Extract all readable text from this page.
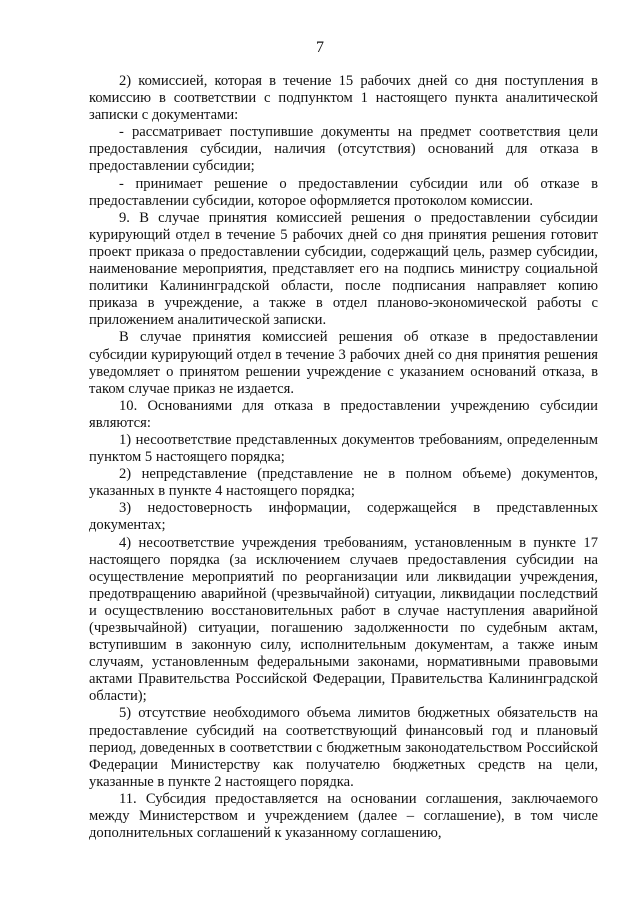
7

2) комиссией, которая в течение 15 рабочих дней со дня поступления в комиссию в соответствии с подпунктом 1 настоящего пункта аналитической записки с документами:

- рассматривает поступившие документы на предмет соответствия цели предоставления субсидии, наличия (отсутствия) оснований для отказа в предоставлении субсидии;

- принимает решение о предоставлении субсидии или об отказе в предоставлении субсидии, которое оформляется протоколом комиссии.

9. В случае принятия комиссией решения о предоставлении субсидии курирующий отдел в течение 5 рабочих дней со дня принятия решения готовит проект приказа о предоставлении субсидии, содержащий цель, размер субсидии, наименование мероприятия, представляет его на подпись министру социальной политики Калининградской области, после подписания направляет копию приказа в учреждение, а также в отдел планово-экономической работы с приложением аналитической записки.

В случае принятия комиссией решения об отказе в предоставлении субсидии курирующий отдел в течение 3 рабочих дней со дня принятия решения уведомляет о принятом решении учреждение с указанием оснований отказа, в таком случае приказ не издается.

10. Основаниями для отказа в предоставлении учреждению субсидии являются:

1) несоответствие представленных документов требованиям, определенным пунктом 5 настоящего порядка;

2) непредставление (представление не в полном объеме) документов, указанных в пункте 4 настоящего порядка;

3) недостоверность информации, содержащейся в представленных документах;

4) несоответствие учреждения требованиям, установленным в пункте 17 настоящего порядка (за исключением случаев предоставления субсидии на осуществление мероприятий по реорганизации или ликвидации учреждения, предотвращению аварийной (чрезвычайной) ситуации, ликвидации последствий и осуществлению восстановительных работ в случае наступления аварийной (чрезвычайной) ситуации, погашению задолженности по судебным актам, вступившим в законную силу, исполнительным документам, а также иным случаям, установленным федеральными законами, нормативными правовыми актами Правительства Российской Федерации, Правительства Калининградской области);

5) отсутствие необходимого объема лимитов бюджетных обязательств на предоставление субсидий на соответствующий финансовый год и плановый период, доведенных в соответствии с бюджетным законодательством Российской Федерации Министерству как получателю бюджетных средств на цели, указанные в пункте 2 настоящего порядка.

11. Субсидия предоставляется на основании соглашения, заключаемого между Министерством и учреждением (далее – соглашение), в том числе дополнительных соглашений к указанному соглашению,
